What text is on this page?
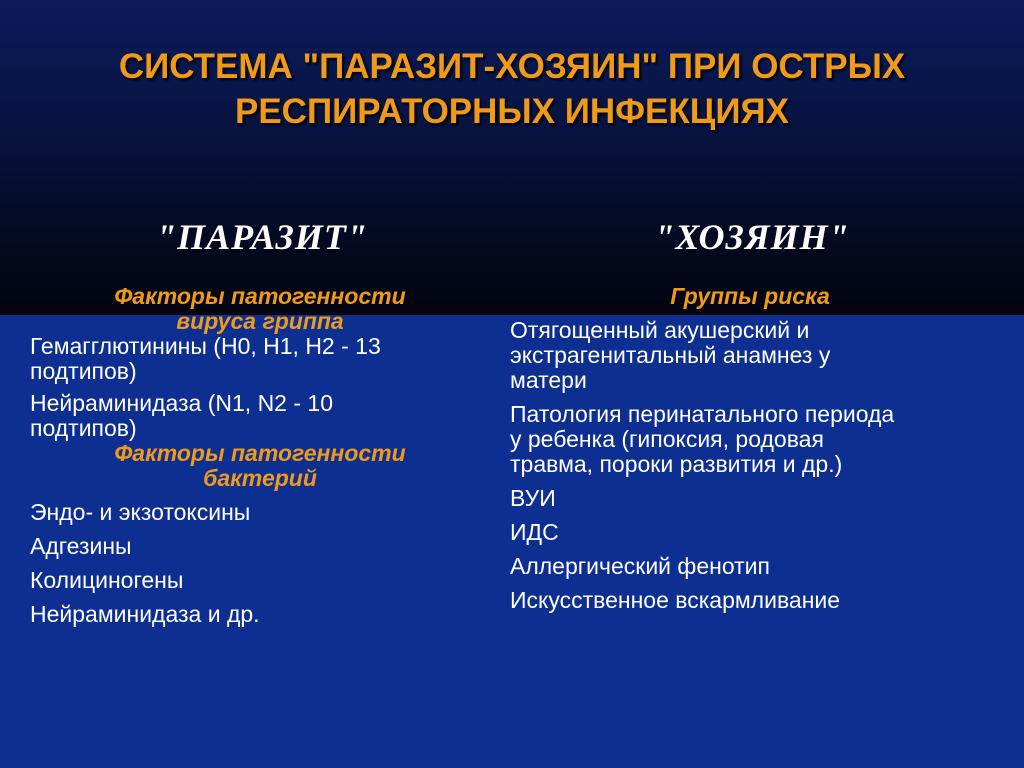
СИСТЕМА "ПАРАЗИТ-ХОЗЯИН" ПРИ ОСТРЫХ
РЕСПИРАТОРНЫХ ИНФЕКЦИЯХ
"ПАРАЗИТ"	"ХОЗЯИН"

Факторы патогенности
вируса гриппа

Гемагглютинины (Н0, Н1, Н2 - 13
подтипов)

Нейраминидаза (N1, N2 - 10
подтипов)

Факторы патогенности
бактерий

Эндо- и экзотоксины

Адгезины

Колициногены

Нейраминидаза и др.

Группы риска

Отягощенный акушерский и
экстрагенитальный анамнез у
матери

Патология перинатального периода
у ребенка (гипоксия, родовая
травма, пороки развития и др.)

ВУИ

ИДС

Аллергический фенотип

Искусственное вскармливание
